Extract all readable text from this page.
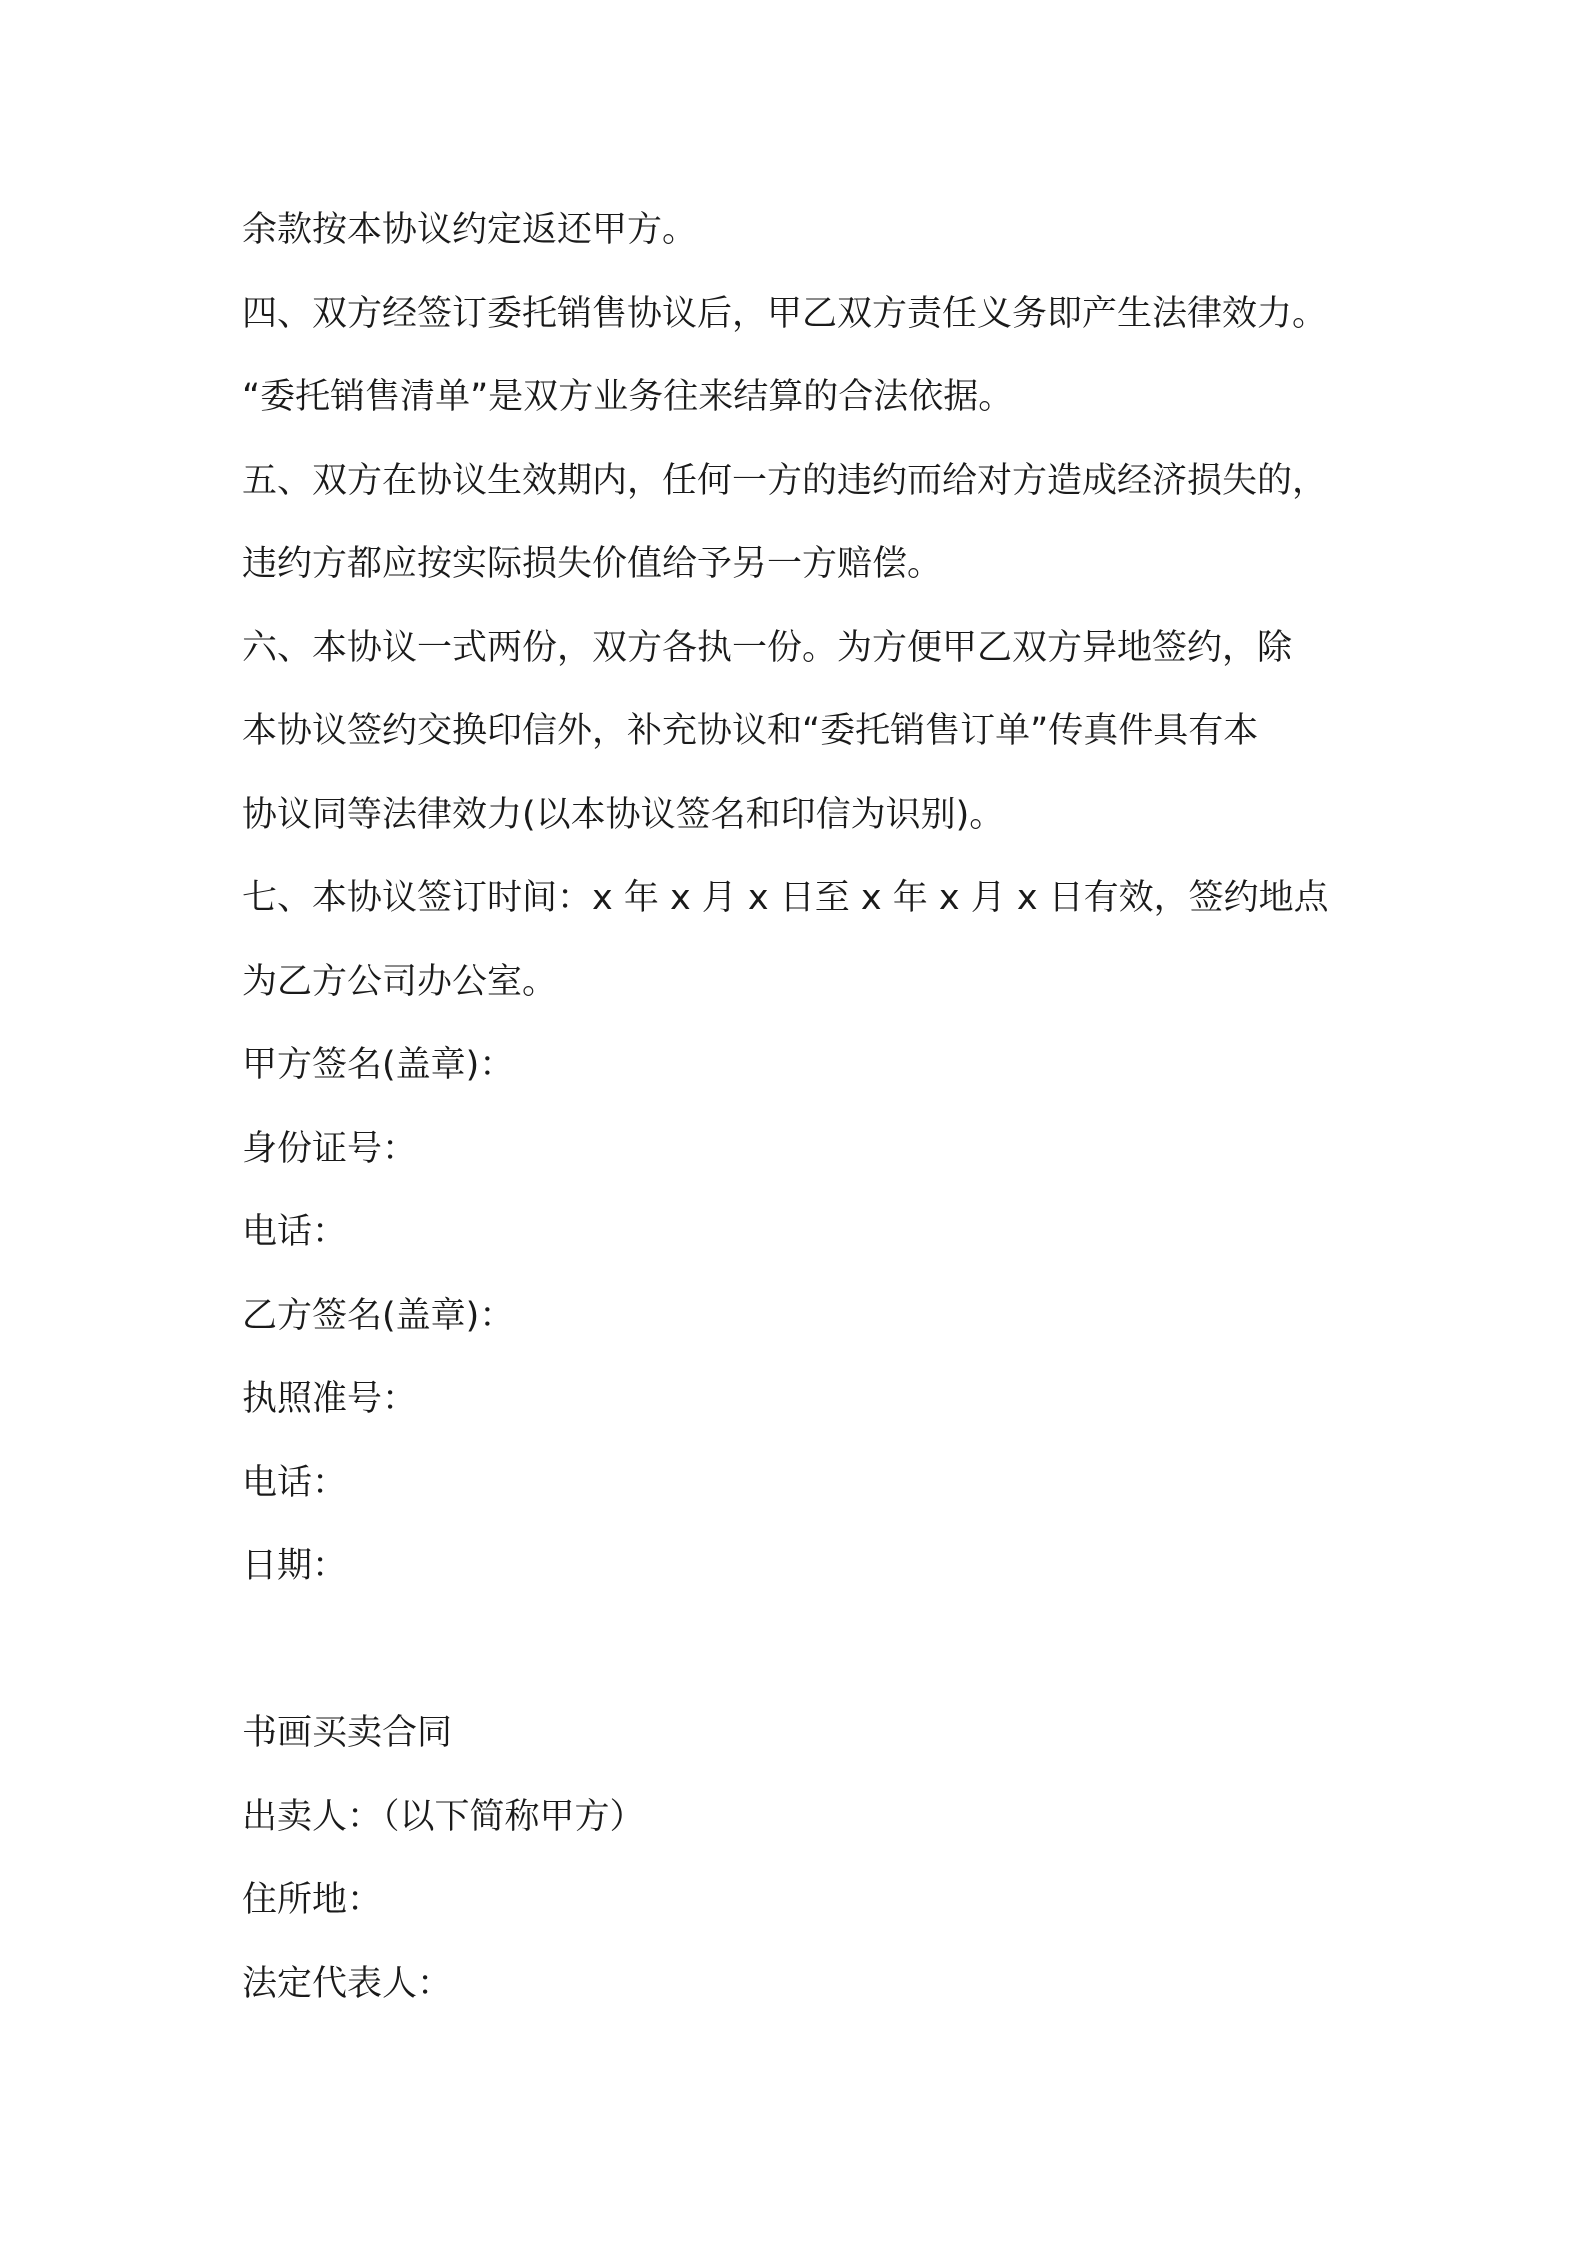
余款按本协议约定返还甲方。
四、双方经签订委托销售协议后，甲乙双方责任义务即产生法律效力。
“委托销售清单”是双方业务往来结算的合法依据。
五、双方在协议生效期内，任何一方的违约而给对方造成经济损失的，
违约方都应按实际损失价值给予另一方赔偿。
六、本协议一式两份，双方各执一份。为方便甲乙双方异地签约，除
本协议签约交换印信外，补充协议和“委托销售订单”传真件具有本
协议同等法律效力(以本协议签名和印信为识别)。
七、本协议签订时间：x 年 x 月 x 日至 x 年 x 月 x 日有效，签约地点
为乙方公司办公室。
甲方签名(盖章)：
身份证号：
电话：
乙方签名(盖章)：
执照准号：
电话：
日期：
书画买卖合同
出卖人：（以下简称甲方）
住所地：
法定代表人：
